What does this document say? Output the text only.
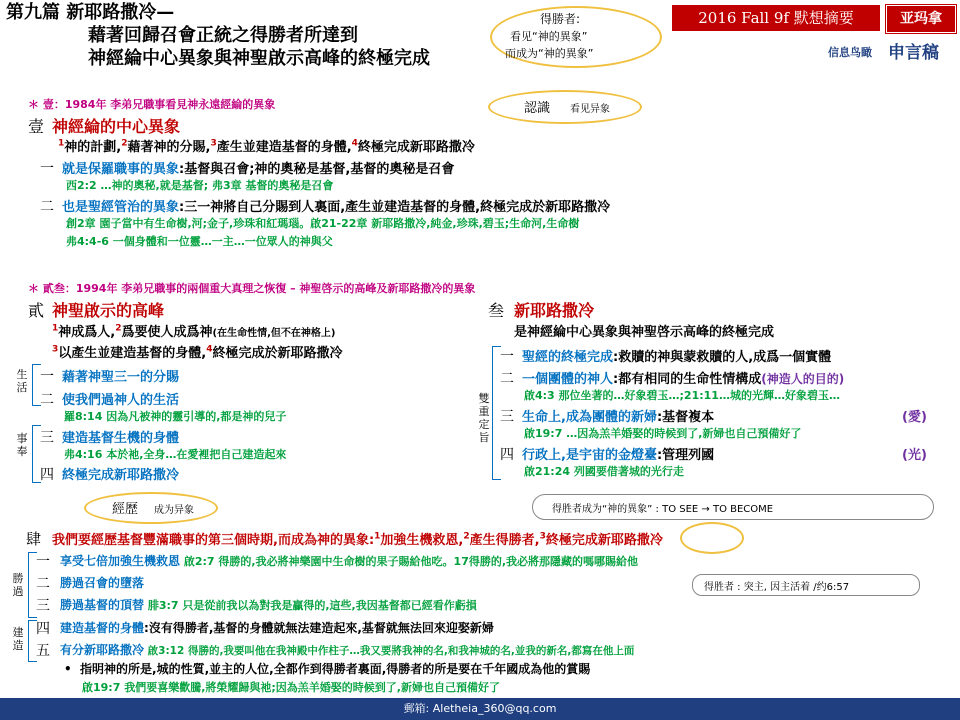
第九篇 新耶路撒冷—
藉著回歸召會正統之得勝者所達到
神經綸中心異象與神聖啟示高峰的終極完成
得勝者:
看见“神的異象”
而成为“神的異象”
2016 Fall 9f 默想摘要	亚玛拿
信息鸟瞰 申言稿
＊ 壹：1984年 李弟兄職事看見神永遠經綸的異象	認識 看见异象
壹 神經綸的中心異象
$^1$神的計劃,$^2$藉著神的分賜,$^3$產生並建造基督的身體,$^4$終極完成新耶路撒冷
一 就是保羅職事的異象:基督與召會;神的奧秘是基督,基督的奧秘是召會
西2:2 …神的奧秘,就是基督; 弗3章 基督的奧秘是召會
二 也是聖經管治的異象:三一神將自己分賜到人裏面,產生並建造基督的身體,終極完成於新耶路撒冷
創2章 園子當中有生命樹,河;金子,珍珠和紅瑪瑙。啟21-22章 新耶路撒冷,純金,珍珠,碧玉;生命河,生命樹
弗4:4-6 一個身體和一位靈…一主…一位眾人的神與父
＊ 貳叁：1994年 李弟兄職事的兩個重大真理之恢復 – 神聖啓示的高峰及新耶路撒冷的異象
貳 神聖啟示的高峰
$^1$神成爲人,$^2$爲要使人成爲神(在生命性情,但不在神格上)
$^3$以產生並建造基督的身體,$^4$終極完成於新耶路撒冷
生活
事奉
一 藉著神聖三一的分賜
二 使我們過神人的生活
羅8:14 因為凡被神的靈引導的,都是神的兒子
三 建造基督生機的身體
弗4:16 本於祂,全身…在愛裡把自己建造起來
四 終極完成新耶路撒冷
經歷 成为异象
叁 新耶路撒冷
是神經綸中心異象與神聖啓示高峰的終極完成
雙重定旨
一 聖經的終極完成:救贖的神與蒙救贖的人,成爲一個實體
二 一個團體的神人:都有相同的生命性情構成(神造人的目的)
啟4:3 那位坐著的…好象碧玉…;21:11…城的光輝…好象碧玉…
三 生命上,成為團體的新婦:基督複本	(愛)
啟19:7 …因為羔羊婚娶的時候到了,新婦也自己預備好了
四 行政上,是宇宙的金燈臺:管理列國	(光)
啟21:24 列國要借著城的光行走
得胜者成为“神的異象” : TO SEE → TO BECOME
肆 我們要經歷基督豐滿職事的第三個時期,而成為神的異象:$^1$加強生機救恩,$^2$產生得勝者,$^3$終極完成新耶路撒冷
勝過
建造
一 享受七倍加強生機救恩 啟2:7 得勝的,我必將神樂園中生命樹的果子賜給他吃。17得勝的,我必將那隱藏的嗎哪賜給他
二 勝過召會的墮落	得胜者 : 突主, 因主活着 /约6:57
三 勝過基督的頂替 腓3:7 只是從前我以為對我是贏得的,這些,我因基督都已經看作虧損
四 建造基督的身體:沒有得勝者,基督的身體就無法建造起來,基督就無法回來迎娶新婦
五 有分新耶路撒冷 啟3:12 得勝的,我要叫他在我神殿中作柱子…我又要將我神的名,和我神城的名,並我的新名,都寫在他上面
•  指明神的所是,城的性質,並主的人位,全都作到得勝者裏面,得勝者的所是要在千年國成為他的賞賜
啟19:7 我們要喜樂歡騰,將榮耀歸與祂;因為羔羊婚娶的時候到了,新婦也自己預備好了
郵箱: Aletheia_360@qq.com
